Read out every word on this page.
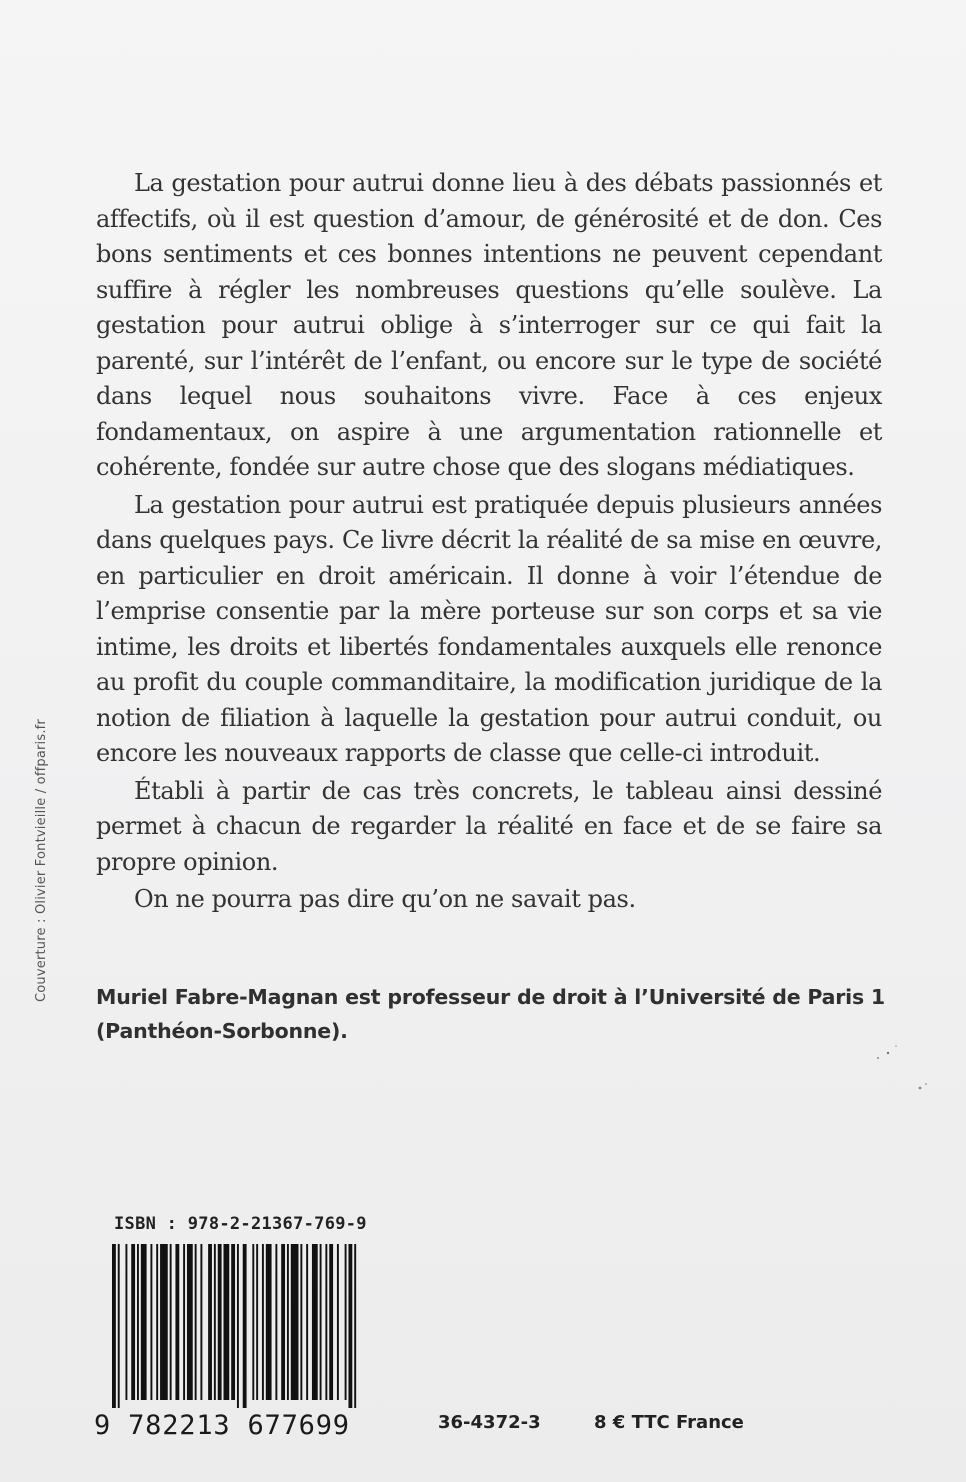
La gestation pour autrui donne lieu à des débats passionnés et affectifs, où il est question d’amour, de générosité et de don. Ces bons sentiments et ces bonnes intentions ne peuvent cependant suffire à régler les nombreuses questions qu’elle soulève. La gestation pour autrui oblige à s’interroger sur ce qui fait la parenté, sur l’intérêt de l’enfant, ou encore sur le type de société dans lequel nous souhaitons vivre. Face à ces enjeux fondamentaux, on aspire à une argumentation rationnelle et cohérente, fondée sur autre chose que des slogans médiatiques.

La gestation pour autrui est pratiquée depuis plusieurs années dans quelques pays. Ce livre décrit la réalité de sa mise en œuvre, en particulier en droit américain. Il donne à voir l’étendue de l’emprise consentie par la mère porteuse sur son corps et sa vie intime, les droits et libertés fondamentales auxquels elle renonce au profit du couple commanditaire, la modification juridique de la notion de filiation à laquelle la gestation pour autrui conduit, ou encore les nouveaux rapports de classe que celle-ci introduit.

Établi à partir de cas très concrets, le tableau ainsi dessiné permet à chacun de regarder la réalité en face et de se faire sa propre opinion.

On ne pourra pas dire qu’on ne savait pas.

Muriel Fabre-Magnan est professeur de droit à l’Université de Paris 1 (Panthéon-Sorbonne).
Couverture : Olivier Fontvieille / offparis.fr
ISBN : 978-2-21367-769-9
9 782213 677699	36-4372-3	8 € TTC France
